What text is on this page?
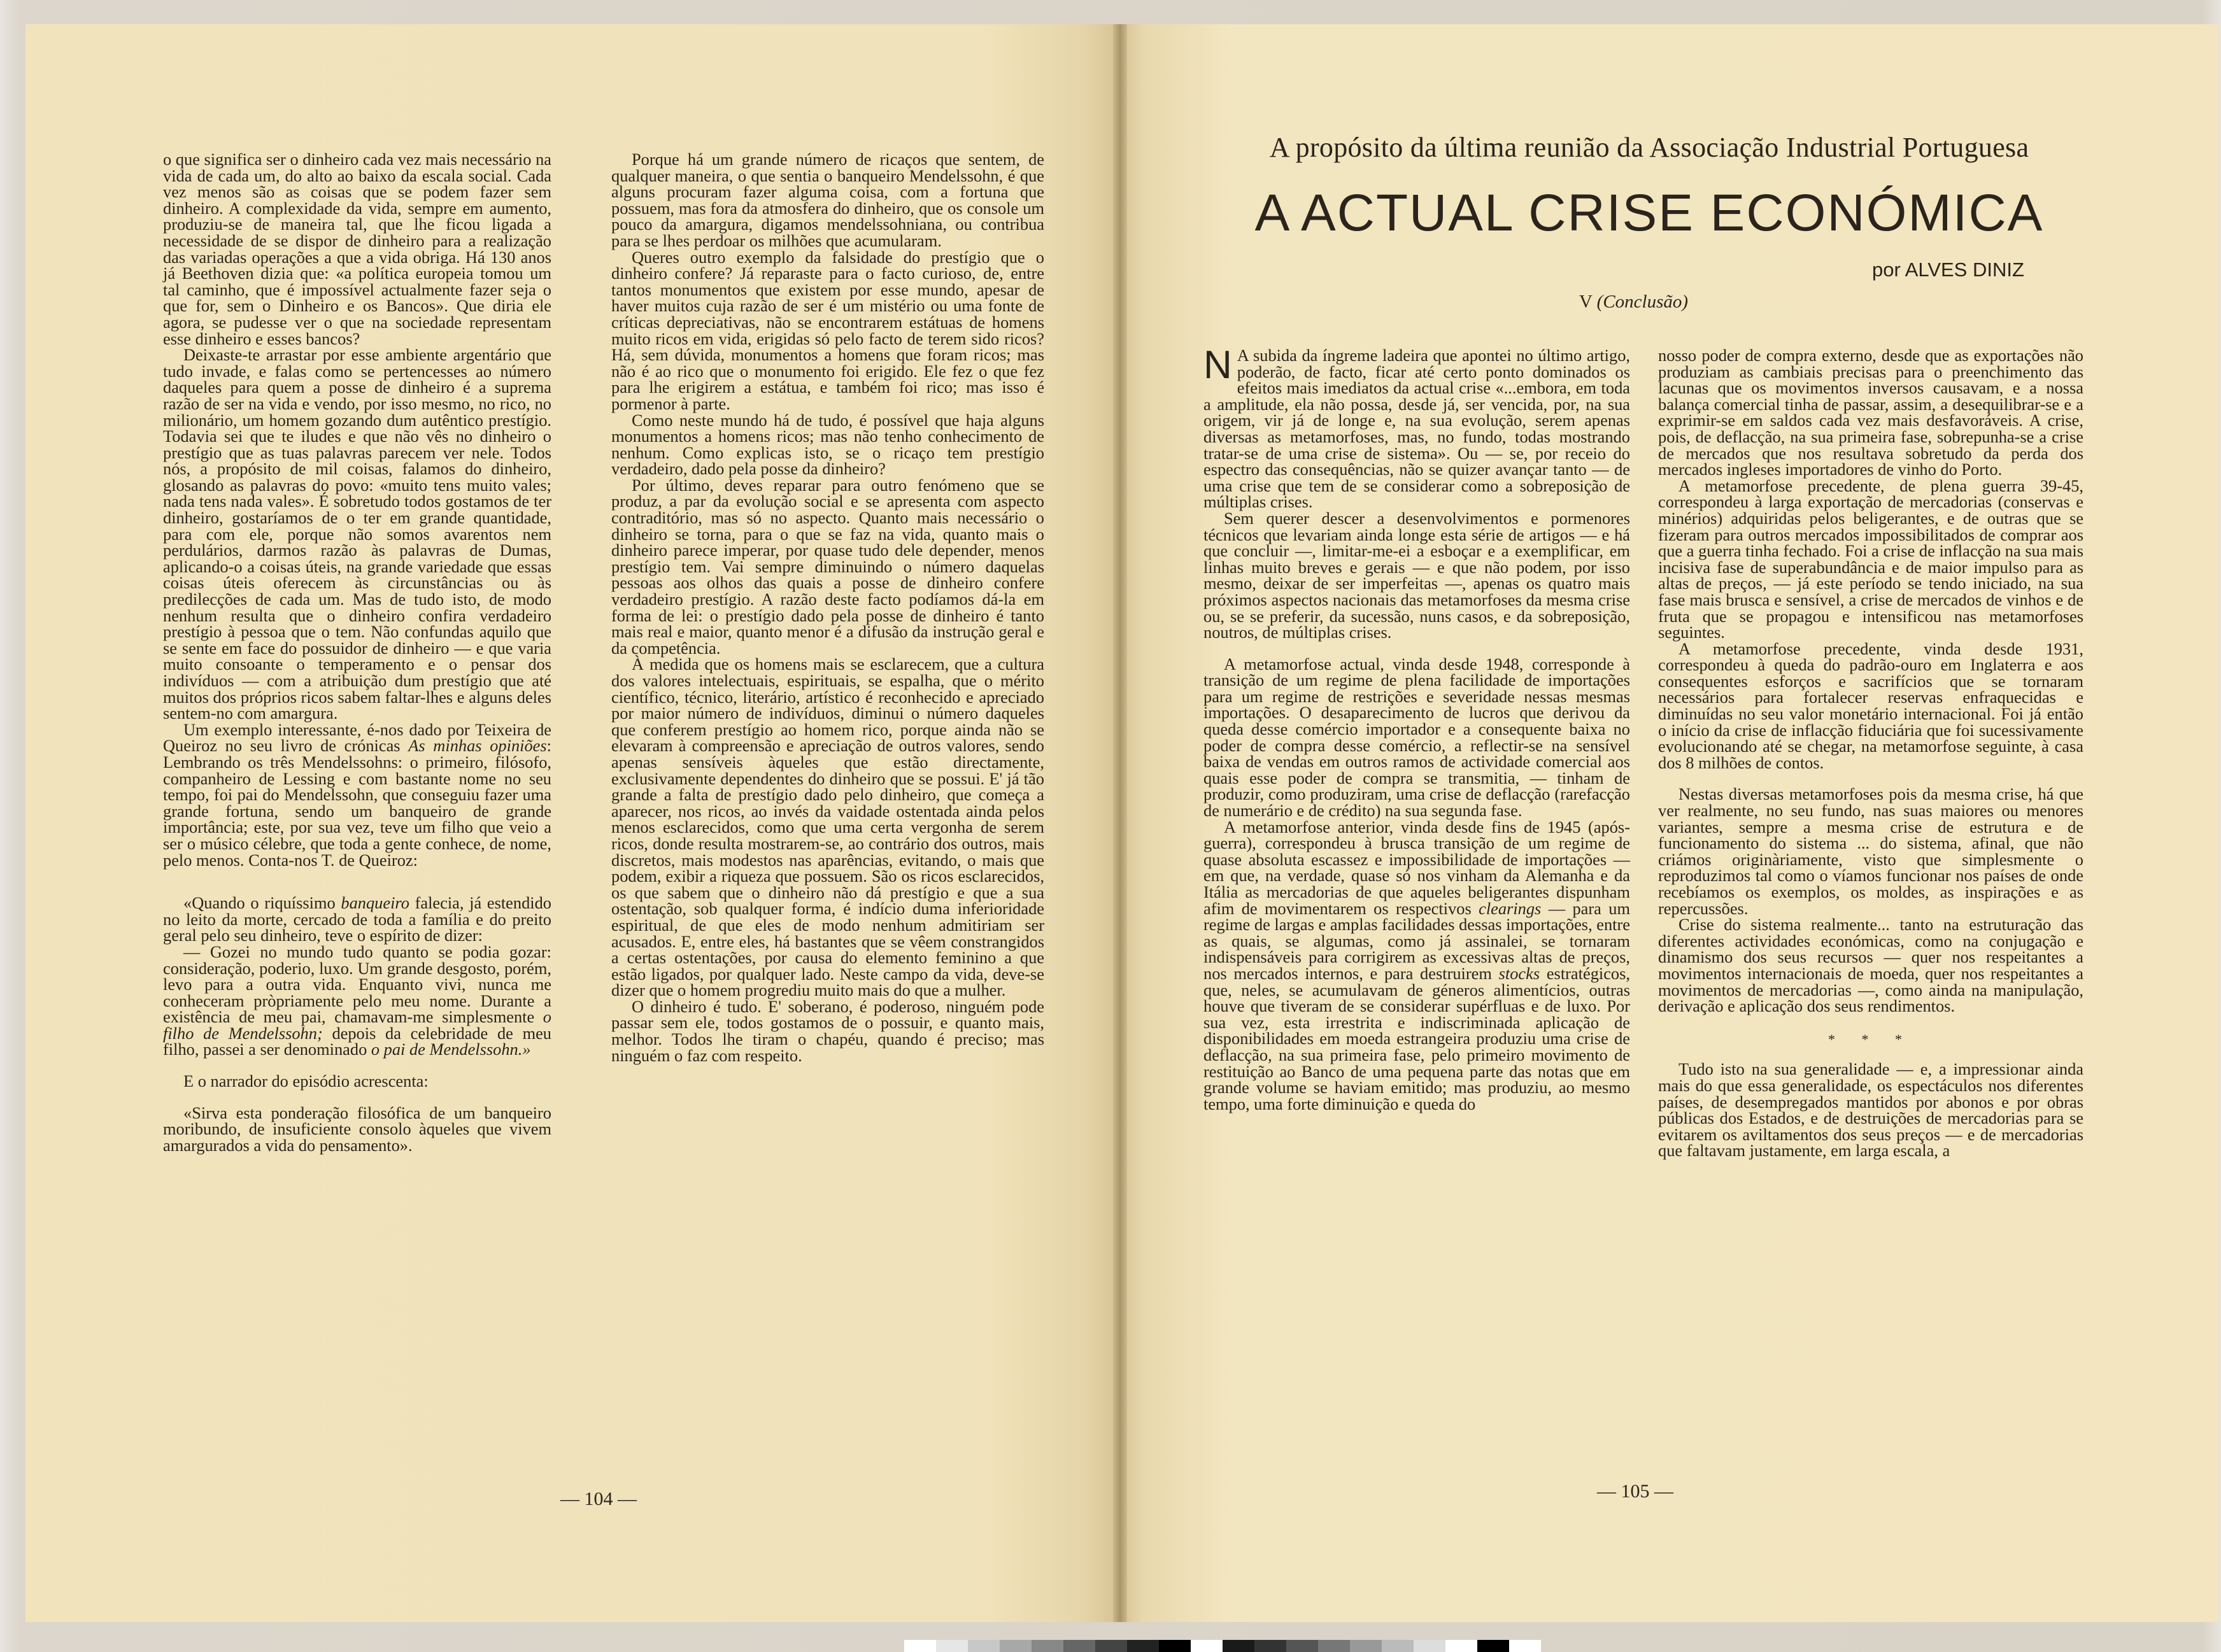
o que significa ser o dinheiro cada vez mais necessário na vida de cada um, do alto ao baixo da escala social. Cada vez menos são as coisas que se podem fazer sem dinheiro. A complexidade da vida, sempre em aumento, produziu-se de maneira tal, que lhe ficou ligada a necessidade de se dispor de dinheiro para a realização das variadas operações a que a vida obriga. Há 130 anos já Beethoven dizia que: «a política europeia tomou um tal caminho, que é impossível actualmente fazer seja o que for, sem o Dinheiro e os Bancos». Que diria ele agora, se pudesse ver o que na sociedade representam esse dinheiro e esses bancos?

Deixaste-te arrastar por esse ambiente argentário que tudo invade, e falas como se pertencesses ao número daqueles para quem a posse de dinheiro é a suprema razão de ser na vida e vendo, por isso mesmo, no rico, no milionário, um homem gozando dum autêntico prestígio. Todavia sei que te iludes e que não vês no dinheiro o prestígio que as tuas palavras parecem ver nele. Todos nós, a propósito de mil coisas, falamos do dinheiro, glosando as palavras do povo: «muito tens muito vales; nada tens nada vales». É sobretudo todos gostamos de ter dinheiro, gostaríamos de o ter em grande quantidade, para com ele, porque não somos avarentos nem perdulários, darmos razão às palavras de Dumas, aplicando-o a coisas úteis, na grande variedade que essas coisas úteis oferecem às circunstâncias ou às predilecções de cada um. Mas de tudo isto, de modo nenhum resulta que o dinheiro confira verdadeiro prestígio à pessoa que o tem. Não confundas aquilo que se sente em face do possuidor de dinheiro — e que varia muito consoante o temperamento e o pensar dos indivíduos — com a atribuição dum prestígio que até muitos dos próprios ricos sabem faltar-lhes e alguns deles sentem-no com amargura.

Um exemplo interessante, é-nos dado por Teixeira de Queiroz no seu livro de crónicas As minhas opiniões: Lembrando os três Mendelssohns: o primeiro, filósofo, companheiro de Lessing e com bastante nome no seu tempo, foi pai do Mendelssohn, que conseguiu fazer uma grande fortuna, sendo um banqueiro de grande importância; este, por sua vez, teve um filho que veio a ser o músico célebre, que toda a gente conhece, de nome, pelo menos. Conta-nos T. de Queiroz:

«Quando o riquíssimo banqueiro falecia, já estendido no leito da morte, cercado de toda a família e do preito geral pelo seu dinheiro, teve o espírito de dizer:

— Gozei no mundo tudo quanto se podia gozar: consideração, poderio, luxo. Um grande desgosto, porém, levo para a outra vida. Enquanto vivi, nunca me conheceram pròpriamente pelo meu nome. Durante a existência de meu pai, chamavam-me simplesmente o filho de Mendelssohn; depois da celebridade de meu filho, passei a ser denominado o pai de Mendelssohn.»

E o narrador do episódio acrescenta:

«Sirva esta ponderação filosófica de um banqueiro moribundo, de insuficiente consolo àqueles que vivem amargurados a vida do pensamento».

Porque há um grande número de ricaços que sentem, de qualquer maneira, o que sentia o banqueiro Mendelssohn, é que alguns procuram fazer alguma coisa, com a fortuna que possuem, mas fora da atmosfera do dinheiro, que os console um pouco da amargura, digamos mendelssohniana, ou contribua para se lhes perdoar os milhões que acumularam.

Queres outro exemplo da falsidade do prestígio que o dinheiro confere? Já reparaste para o facto curioso, de, entre tantos monumentos que existem por esse mundo, apesar de haver muitos cuja razão de ser é um mistério ou uma fonte de críticas depreciativas, não se encontrarem estátuas de homens muito ricos em vida, erigidas só pelo facto de terem sido ricos? Há, sem dúvida, monumentos a homens que foram ricos; mas não é ao rico que o monumento foi erigido. Ele fez o que fez para lhe erigirem a estátua, e também foi rico; mas isso é pormenor à parte.

Como neste mundo há de tudo, é possível que haja alguns monumentos a homens ricos; mas não tenho conhecimento de nenhum. Como explicas isto, se o ricaço tem prestígio verdadeiro, dado pela posse da dinheiro?

Por último, deves reparar para outro fenómeno que se produz, a par da evolução social e se apresenta com aspecto contraditório, mas só no aspecto. Quanto mais necessário o dinheiro se torna, para o que se faz na vida, quanto mais o dinheiro parece imperar, por quase tudo dele depender, menos prestígio tem. Vai sempre diminuindo o número daquelas pessoas aos olhos das quais a posse de dinheiro confere verdadeiro prestígio. A razão deste facto podíamos dá-la em forma de lei: o prestígio dado pela posse de dinheiro é tanto mais real e maior, quanto menor é a difusão da instrução geral e da competência.

À medida que os homens mais se esclarecem, que a cultura dos valores intelectuais, espirituais, se espalha, que o mérito científico, técnico, literário, artístico é reconhecido e apreciado por maior número de indivíduos, diminui o número daqueles que conferem prestígio ao homem rico, porque ainda não se elevaram à compreensão e apreciação de outros valores, sendo apenas sensíveis àqueles que estão directamente, exclusivamente dependentes do dinheiro que se possui. E' já tão grande a falta de prestígio dado pelo dinheiro, que começa a aparecer, nos ricos, ao invés da vaidade ostentada ainda pelos menos esclarecidos, como que uma certa vergonha de serem ricos, donde resulta mostrarem-se, ao contrário dos outros, mais discretos, mais modestos nas aparências, evitando, o mais que podem, exibir a riqueza que possuem. São os ricos esclarecidos, os que sabem que o dinheiro não dá prestígio e que a sua ostentação, sob qualquer forma, é indício duma inferioridade espiritual, de que eles de modo nenhum admitiriam ser acusados. E, entre eles, há bastantes que se vêem constrangidos a certas ostentações, por causa do elemento feminino a que estão ligados, por qualquer lado. Neste campo da vida, deve-se dizer que o homem progrediu muito mais do que a mulher.

O dinheiro é tudo. E' soberano, é poderoso, ninguém pode passar sem ele, todos gostamos de o possuir, e quanto mais, melhor. Todos lhe tiram o chapéu, quando é preciso; mas ninguém o faz com respeito.

— 104 —
A propósito da última reunião da Associação Industrial Portuguesa
A ACTUAL CRISE ECONÓMICA
por ALVES DINIZ
V (Conclusão)

N A subida da íngreme ladeira que apontei no último artigo, poderão, de facto, ficar até certo ponto dominados os efeitos mais imediatos da actual crise «...embora, em toda a amplitude, ela não possa, desde já, ser vencida, por, na sua origem, vir já de longe e, na sua evolução, serem apenas diversas as metamorfoses, mas, no fundo, todas mostrando tratar-se de uma crise de sistema». Ou — se, por receio do espectro das consequências, não se quizer avançar tanto — de uma crise que tem de se considerar como a sobreposição de múltiplas crises.

Sem querer descer a desenvolvimentos e pormenores técnicos que levariam ainda longe esta série de artigos — e há que concluir —, limitar-me-ei a esboçar e a exemplificar, em linhas muito breves e gerais — e que não podem, por isso mesmo, deixar de ser imperfeitas —, apenas os quatro mais próximos aspectos nacionais das metamorfoses da mesma crise ou, se se preferir, da sucessão, nuns casos, e da sobreposição, noutros, de múltiplas crises.

A metamorfose actual, vinda desde 1948, corresponde à transição de um regime de plena facilidade de importações para um regime de restrições e severidade nessas mesmas importações. O desaparecimento de lucros que derivou da queda desse comércio importador e a consequente baixa no poder de compra desse comércio, a reflectir-se na sensível baixa de vendas em outros ramos de actividade comercial aos quais esse poder de compra se transmitia, — tinham de produzir, como produziram, uma crise de deflacção (rarefacção de numerário e de crédito) na sua segunda fase.

A metamorfose anterior, vinda desde fins de 1945 (após-guerra), correspondeu à brusca transição de um regime de quase absoluta escassez e impossibilidade de importações — em que, na verdade, quase só nos vinham da Alemanha e da Itália as mercadorias de que aqueles beligerantes dispunham afim de movimentarem os respectivos clearings — para um regime de largas e amplas facilidades dessas importações, entre as quais, se algumas, como já assinalei, se tornaram indispensáveis para corrigirem as excessivas altas de preços, nos mercados internos, e para destruirem stocks estratégicos, que, neles, se acumulavam de géneros alimentícios, outras houve que tiveram de se considerar supérfluas e de luxo. Por sua vez, esta irrestrita e indiscriminada aplicação de disponibilidades em moeda estrangeira produziu uma crise de deflacção, na sua primeira fase, pelo primeiro movimento de restituição ao Banco de uma pequena parte das notas que em grande volume se haviam emitido; mas produziu, ao mesmo tempo, uma forte diminuição e queda do

nosso poder de compra externo, desde que as exportações não produziam as cambiais precisas para o preenchimento das lacunas que os movimentos inversos causavam, e a nossa balança comercial tinha de passar, assim, a desequilibrar-se e a exprimir-se em saldos cada vez mais desfavoráveis. A crise, pois, de deflacção, na sua primeira fase, sobrepunha-se a crise de mercados que nos resultava sobretudo da perda dos mercados ingleses importadores de vinho do Porto.

A metamorfose precedente, de plena guerra 39-45, correspondeu à larga exportação de mercadorias (conservas e minérios) adquiridas pelos beligerantes, e de outras que se fizeram para outros mercados impossibilitados de comprar aos que a guerra tinha fechado. Foi a crise de inflacção na sua mais incisiva fase de superabundância e de maior impulso para as altas de preços, — já este período se tendo iniciado, na sua fase mais brusca e sensível, a crise de mercados de vinhos e de fruta que se propagou e intensificou nas metamorfoses seguintes.

A metamorfose precedente, vinda desde 1931, correspondeu à queda do padrão-ouro em Inglaterra e aos consequentes esforços e sacrifícios que se tornaram necessários para fortalecer reservas enfraquecidas e diminuídas no seu valor monetário internacional. Foi já então o início da crise de inflacção fiduciária que foi sucessivamente evolucionando até se chegar, na metamorfose seguinte, à casa dos 8 milhões de contos.

Nestas diversas metamorfoses pois da mesma crise, há que ver realmente, no seu fundo, nas suas maiores ou menores variantes, sempre a mesma crise de estrutura e de funcionamento do sistema ... do sistema, afinal, que não criámos originàriamente, visto que simplesmente o reproduzimos tal como o víamos funcionar nos países de onde recebíamos os exemplos, os moldes, as inspirações e as repercussões.

Crise do sistema realmente... tanto na estruturação das diferentes actividades económicas, como na conjugação e dinamismo dos seus recursos — quer nos respeitantes a movimentos internacionais de moeda, quer nos respeitantes a movimentos de mercadorias —, como ainda na manipulação, derivação e aplicação dos seus rendimentos.

* * *

Tudo isto na sua generalidade — e, a impressionar ainda mais do que essa generalidade, os espectáculos nos diferentes países, de desempregados mantidos por abonos e por obras públicas dos Estados, e de destruições de mercadorias para se evitarem os aviltamentos dos seus preços — e de mercadorias que faltavam justamente, em larga escala, a

— 105 —
